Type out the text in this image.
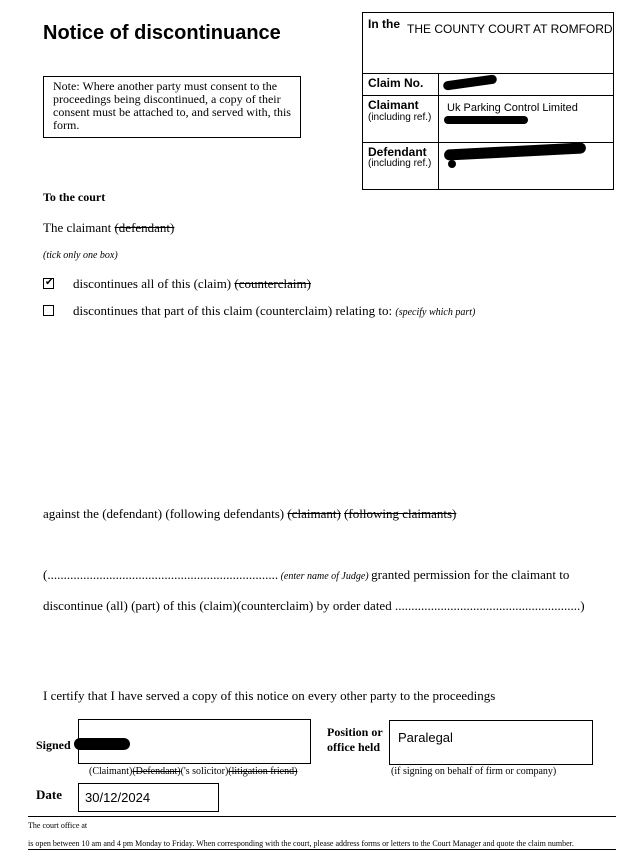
Notice of discontinuance
Note: Where another party must consent to the proceedings being discontinued, a copy of their consent must be attached to, and served with, this form.
In the THE COUNTY COURT AT ROMFORD
Claim No.
Claimant
(including ref.)
Uk Parking Control Limited
Defendant
(including ref.)
To the court
The claimant (defendant)
(tick only one box)
✔ discontinues all of this (claim) (counterclaim)
discontinues that part of this claim (counterclaim) relating to: (specify which part)
against the (defendant) (following defendants) (claimant) (following claimants)
(....................................................................... (enter name of Judge) granted permission for the claimant to
discontinue (all) (part) of this (claim)(counterclaim) by order dated .........................................................)
I certify that I have served a copy of this notice on every other party to the proceedings
Signed
(Claimant)(Defendant)('s solicitor)(litigation friend)
Position or
office held
Paralegal
(if signing on behalf of firm or company)
Date 30/12/2024
The court office at
is open between 10 am and 4 pm Monday to Friday. When corresponding with the court, please address forms or letters to the Court Manager and quote the claim number.
